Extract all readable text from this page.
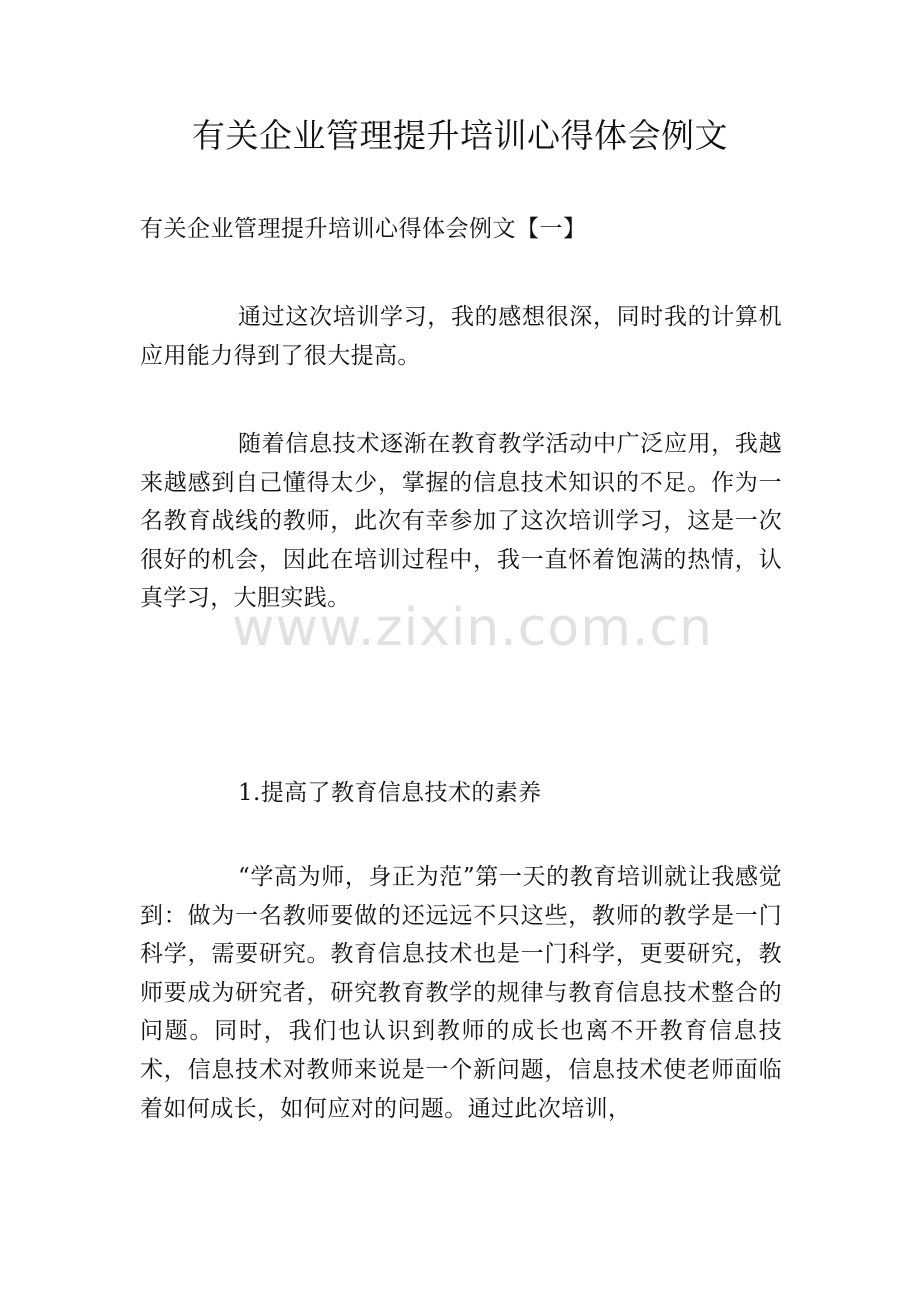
有关企业管理提升培训心得体会例文

有关企业管理提升培训心得体会例文【一】

通过这次培训学习，我的感想很深，同时我的计算机应用能力得到了很大提高。

随着信息技术逐渐在教育教学活动中广泛应用，我越来越感到自己懂得太少，掌握的信息技术知识的不足。作为一名教育战线的教师，此次有幸参加了这次培训学习，这是一次很好的机会，因此在培训过程中，我一直怀着饱满的热情，认真学习，大胆实践。

1.提高了教育信息技术的素养

“学高为师，身正为范”第一天的教育培训就让我感觉到：做为一名教师要做的还远远不只这些，教师的教学是一门科学，需要研究。教育信息技术也是一门科学，更要研究，教师要成为研究者，研究教育教学的规律与教育信息技术整合的问题。同时，我们也认识到教师的成长也离不开教育信息技术，信息技术对教师来说是一个新问题，信息技术使老师面临着如何成长，如何应对的问题。通过此次培训，

www.zixin.com.cn
